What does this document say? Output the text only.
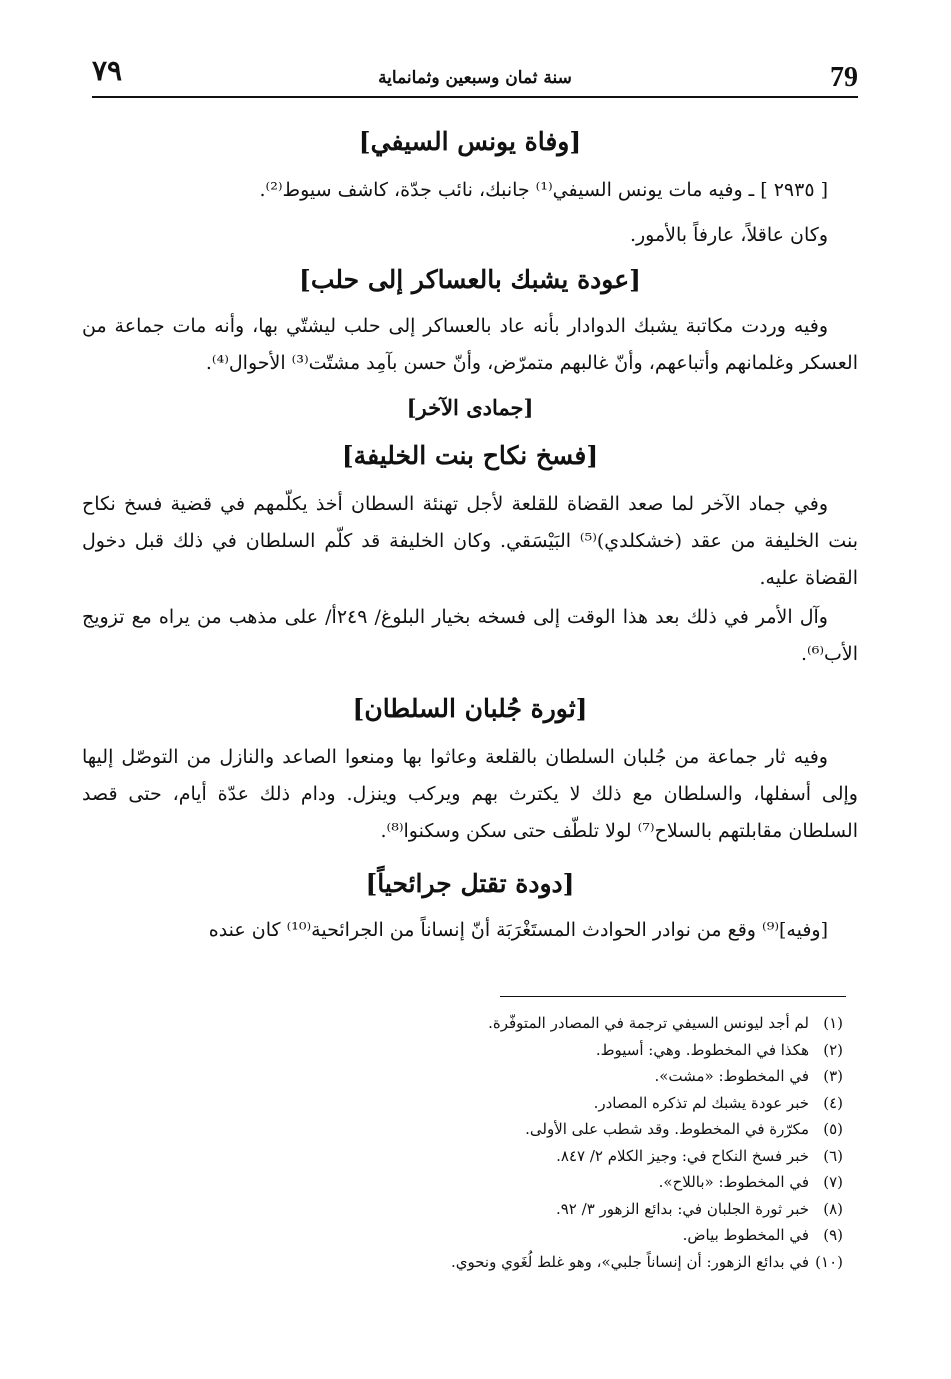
٧٩	سنة ثمان وسبعين وثمانماية	79
[وفاة يونس السيفي]

[ ٢٩٣٥ ] ـ وفيه مات يونس السيفي⁽¹⁾ جانبك، نائب جدّة، كاشف سيوط⁽²⁾.

وكان عاقلاً، عارفاً بالأمور.

[عودة يشبك بالعساكر إلى حلب]

وفيه وردت مكاتبة يشبك الدوادار بأنه عاد بالعساكر إلى حلب ليشتّي بها، وأنه مات جماعة من العسكر وغلمانهم وأتباعهم، وأنّ غالبهم متمرّض، وأنّ حسن بآمِد مشتّت⁽³⁾ الأحوال⁽⁴⁾.

[جمادى الآخر]
[فسخ نكاح بنت الخليفة]

وفي جماد الآخر لما صعد القضاة للقلعة لأجل تهنئة السطان أخذ يكلّمهم في قضية فسخ نكاح بنت الخليفة من عقد (خشكلدي)⁽⁵⁾ البَيْسَقي. وكان الخليفة قد كلّم السلطان في ذلك قبل دخول القضاة عليه.

وآل الأمر في ذلك بعد هذا الوقت إلى فسخه بخيار البلوغ/ ٢٤٩أ/ على مذهب من يراه مع تزويج الأب⁽⁶⁾.

[ثورة جُلبان السلطان]

وفيه ثار جماعة من جُلبان السلطان بالقلعة وعاثوا بها ومنعوا الصاعد والنازل من التوصّل إليها وإلى أسفلها، والسلطان مع ذلك لا يكترث بهم ويركب وينزل. ودام ذلك عدّة أيام، حتى قصد السلطان مقابلتهم بالسلاح⁽⁷⁾ لولا تلطّف حتى سكن وسكنوا⁽⁸⁾.

[دودة تقتل جرائحياً]

[وفيه]⁽⁹⁾ وقع من نوادر الحوادث المستَغْرَبَة أنّ إنساناً من الجرائحية⁽¹⁰⁾ كان عنده

(١)لم أجد ليونس السيفي ترجمة في المصادر المتوفّرة.

(٢)هكذا في المخطوط. وهي: أسيوط.

(٣)في المخطوط: «مشت».

(٤)خبر عودة يشبك لم تذكره المصادر.

(٥)مكرّرة في المخطوط. وقد شطب على الأولى.

(٦)خبر فسخ النكاح في: وجيز الكلام ٢/ ٨٤٧.

(٧)في المخطوط: «باللاح».

(٨)خبر ثورة الجلبان في: بدائع الزهور ٣/ ٩٢.

(٩)في المخطوط بياض.

(١٠)في بدائع الزهور: أن إنساناً جلبي»، وهو غلط لُغَوي ونحوي.
